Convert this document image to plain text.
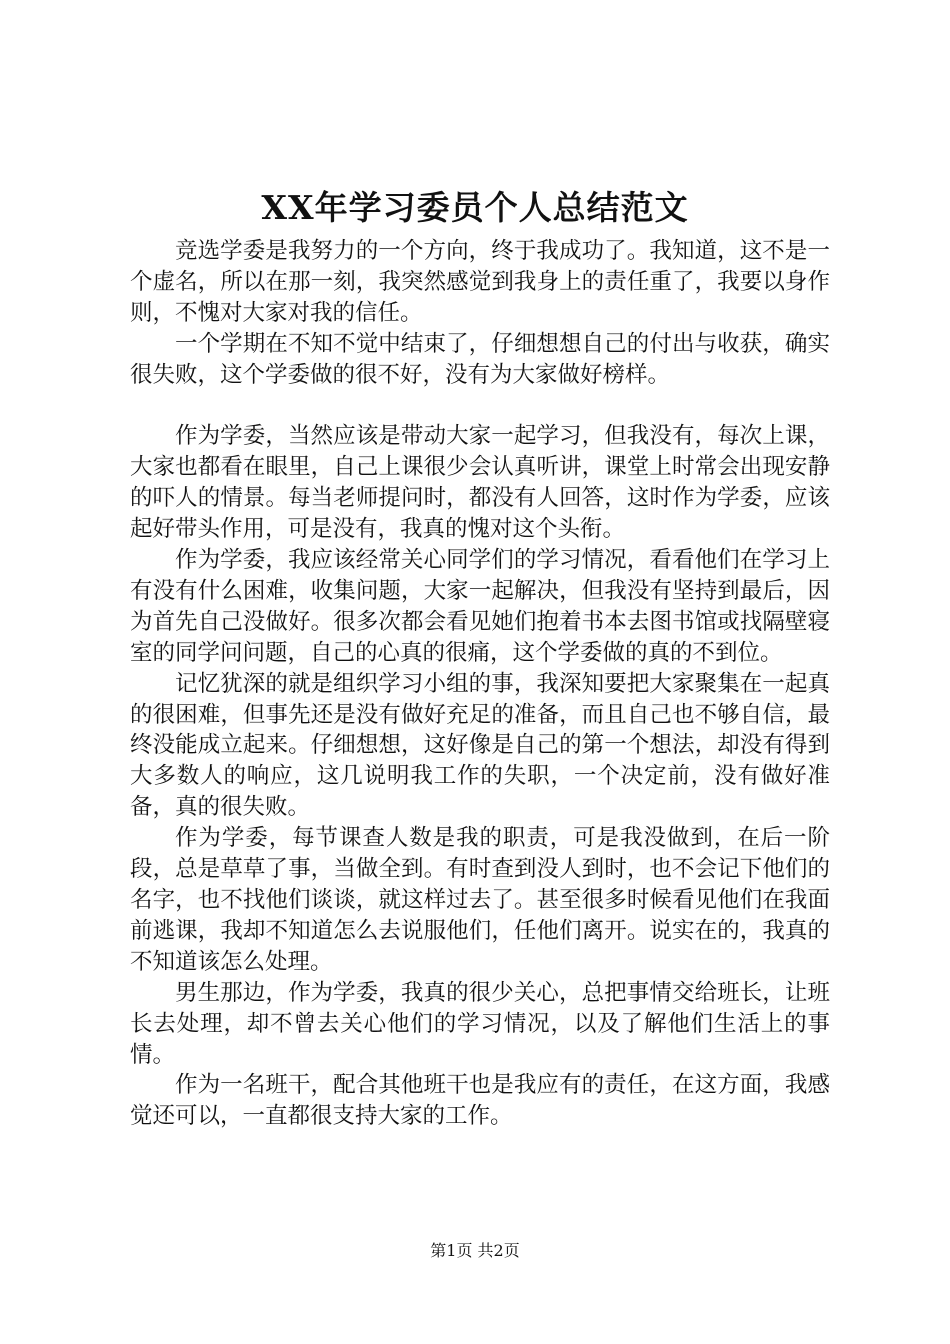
XX年学习委员个人总结范文

竞选学委是我努力的一个方向，终于我成功了。我知道，这不是一个虚名，所以在那一刻，我突然感觉到我身上的责任重了，我要以身作则，不愧对大家对我的信任。

一个学期在不知不觉中结束了，仔细想想自己的付出与收获，确实很失败，这个学委做的很不好，没有为大家做好榜样。

作为学委，当然应该是带动大家一起学习，但我没有，每次上课，大家也都看在眼里，自己上课很少会认真听讲，课堂上时常会出现安静的吓人的情景。每当老师提问时，都没有人回答，这时作为学委，应该起好带头作用，可是没有，我真的愧对这个头衔。

作为学委，我应该经常关心同学们的学习情况，看看他们在学习上有没有什么困难，收集问题，大家一起解决，但我没有坚持到最后，因为首先自己没做好。很多次都会看见她们抱着书本去图书馆或找隔壁寝室的同学问问题，自己的心真的很痛，这个学委做的真的不到位。

记忆犹深的就是组织学习小组的事，我深知要把大家聚集在一起真的很困难，但事先还是没有做好充足的准备，而且自己也不够自信，最终没能成立起来。仔细想想，这好像是自己的第一个想法，却没有得到大多数人的响应，这几说明我工作的失职，一个决定前，没有做好准备，真的很失败。

作为学委，每节课查人数是我的职责，可是我没做到，在后一阶段，总是草草了事，当做全到。有时查到没人到时，也不会记下他们的名字，也不找他们谈谈，就这样过去了。甚至很多时候看见他们在我面前逃课，我却不知道怎么去说服他们，任他们离开。说实在的，我真的不知道该怎么处理。

男生那边，作为学委，我真的很少关心，总把事情交给班长，让班长去处理，却不曾去关心他们的学习情况，以及了解他们生活上的事情。

作为一名班干，配合其他班干也是我应有的责任，在这方面，我感觉还可以，一直都很支持大家的工作。

第1页 共2页
